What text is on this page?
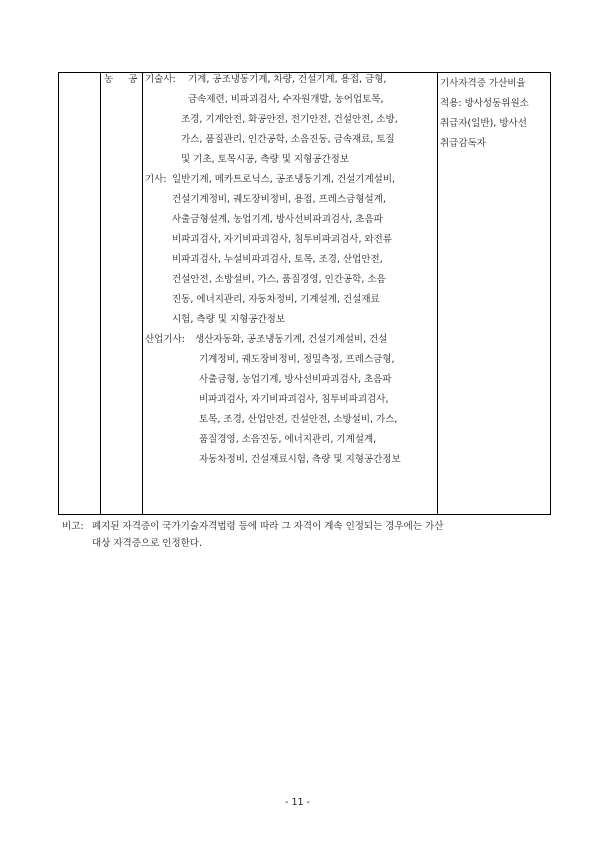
농 공 기술사: 기계, 공조냉동기계, 차량, 건설기계, 용접, 금형,
금속제련, 비파괴검사, 수자원개발, 농어업토목,
조경, 기계안전, 화공안전, 전기안전, 건설안전, 소방,
가스, 품질관리, 인간공학, 소음진동, 금속재료, 토질
및 기초, 토목시공, 측량 및 지형공간정보
기사: 일반기계, 메카트로닉스, 공조냉동기계, 건설기계설비,
건설기계정비, 궤도장비정비, 용접, 프레스금형설계,
사출금형설계, 농업기계, 방사선비파괴검사, 초음파
비파괴검사, 자기비파괴검사, 침투비파괴검사, 와전류
비파괴검사, 누설비파괴검사, 토목, 조경, 산업안전,
건설안전, 소방설비, 가스, 품질경영, 인간공학, 소음
진동, 에너지관리, 자동차정비, 기계설계, 건설재료
시험, 측량 및 지형공간정보
산업기사: 생산자동화, 공조냉동기계, 건설기계설비, 건설
기계정비, 궤도장비정비, 정밀측정, 프레스금형,
사출금형, 농업기계, 방사선비파괴검사, 초음파
비파괴검사, 자기비파괴검사, 침투비파괴검사,
토목, 조경, 산업안전, 건설안전, 소방설비, 가스,
품질경영, 소음진동, 에너지관리, 기계설계,
자동차정비, 건설재료시험, 측량 및 지형공간정보
기사자격증 가산비율
적용: 방사성동위원소
취급자(일반), 방사선
취급감독자
비고: 폐지된 자격증이 국가기술자격법령 등에 따라 그 자격이 계속 인정되는 경우에는 가산
대상 자격증으로 인정한다.
- 11 -
